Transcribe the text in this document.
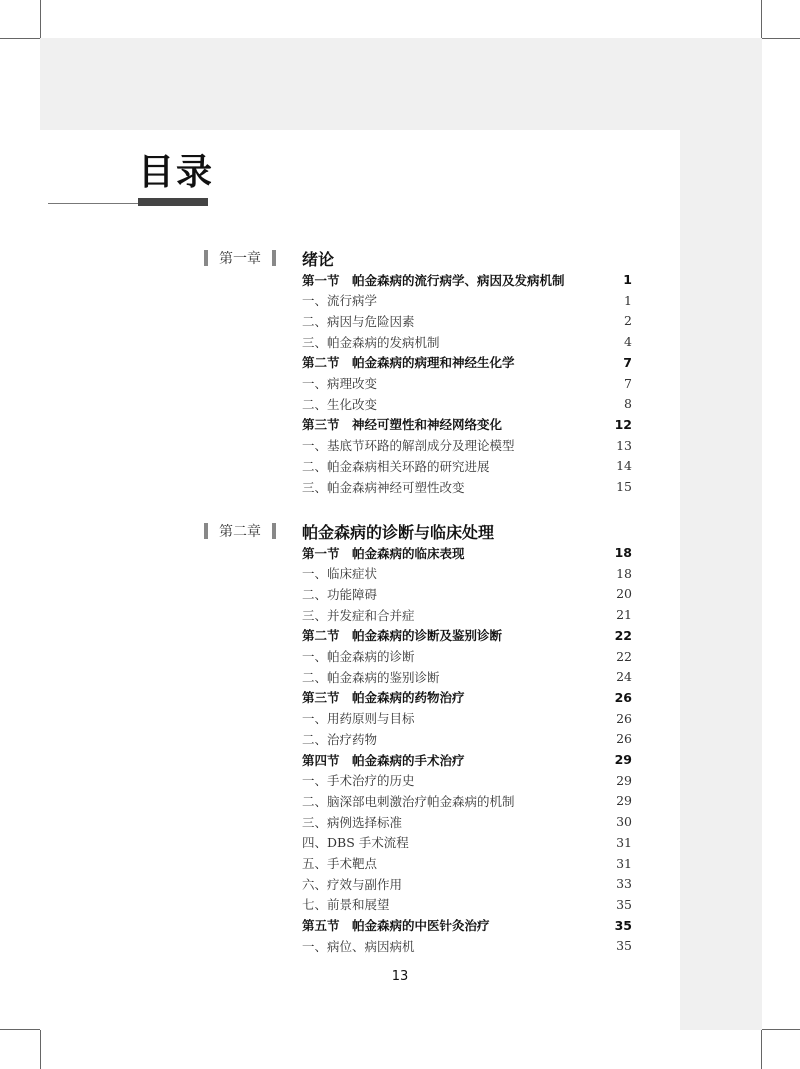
目录
第一章	绪论
第一节　帕金森病的流行病学、病因及发病机制	1
一、流行病学	1
二、病因与危险因素	2
三、帕金森病的发病机制	4
第二节　帕金森病的病理和神经生化学	7
一、病理改变	7
二、生化改变	8
第三节　神经可塑性和神经网络变化	12
一、基底节环路的解剖成分及理论模型	13
二、帕金森病相关环路的研究进展	14
三、帕金森病神经可塑性改变	15
第二章	帕金森病的诊断与临床处理
第一节　帕金森病的临床表现	18
一、临床症状	18
二、功能障碍	20
三、并发症和合并症	21
第二节　帕金森病的诊断及鉴别诊断	22
一、帕金森病的诊断	22
二、帕金森病的鉴别诊断	24
第三节　帕金森病的药物治疗	26
一、用药原则与目标	26
二、治疗药物	26
第四节　帕金森病的手术治疗	29
一、手术治疗的历史	29
二、脑深部电刺激治疗帕金森病的机制	29
三、病例选择标准	30
四、DBS 手术流程	31
五、手术靶点	31
六、疗效与副作用	33
七、前景和展望	35
第五节　帕金森病的中医针灸治疗	35
一、病位、病因病机	35
13
